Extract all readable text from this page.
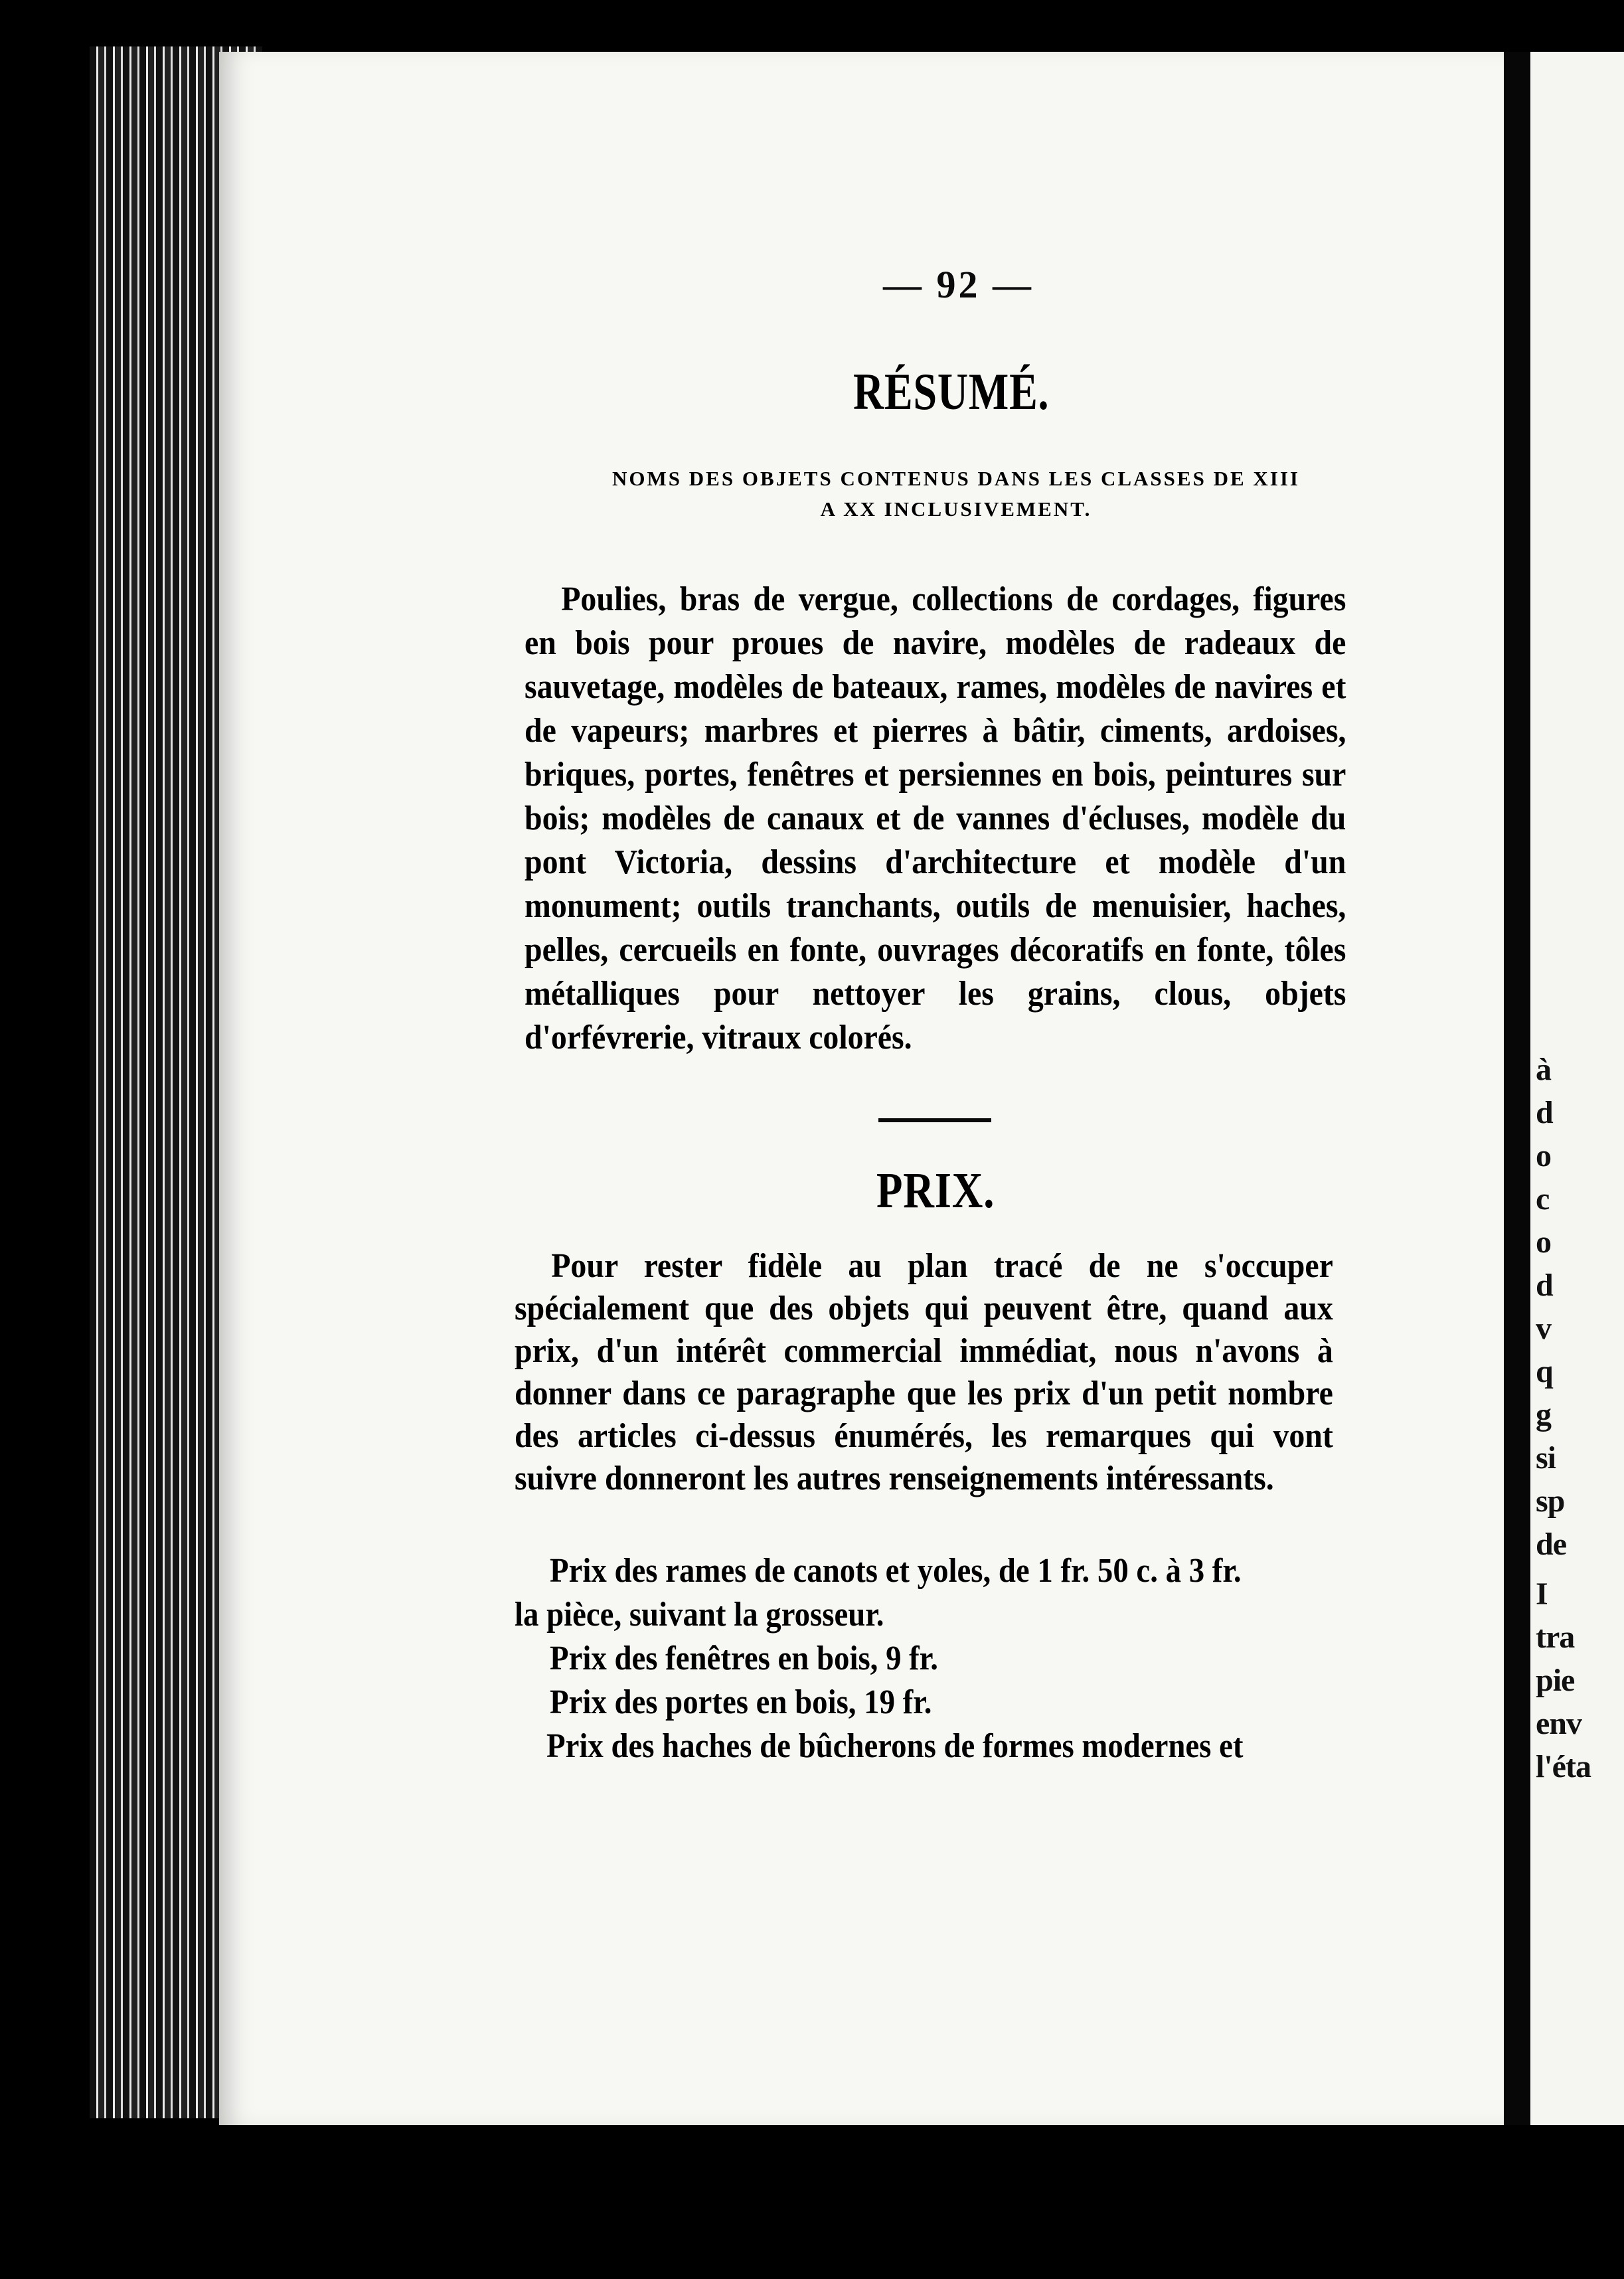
à
d
o
c
o
d
v
q
g
si
sp
de
I
tra
pie
env
l'éta
— 92 —
RÉSUMÉ.
NOMS DES OBJETS CONTENUS DANS LES CLASSES DE XIII
A XX INCLUSIVEMENT.
Poulies, bras de vergue, collections de cordages, figures en bois pour proues de navire, modèles de radeaux de sauvetage, modèles de bateaux, rames, modèles de navires et de vapeurs; marbres et pierres à bâtir, ciments, ardoises, briques, portes, fenêtres et persiennes en bois, peintures sur bois; modèles de canaux et de vannes d'écluses, modèle du pont Victoria, dessins d'architecture et modèle d'un monument; outils tranchants, outils de menuisier, haches, pelles, cercueils en fonte, ouvrages décoratifs en fonte, tôles métalliques pour nettoyer les grains, clous, objets d'orfévrerie, vitraux colorés.
PRIX.
Pour rester fidèle au plan tracé de ne s'occuper spécialement que des objets qui peuvent être, quand aux prix, d'un intérêt commercial immédiat, nous n'avons à donner dans ce paragraphe que les prix d'un petit nombre des articles ci-dessus énumérés, les remarques qui vont suivre donneront les autres renseignements intéressants.
Prix des rames de canots et yoles, de 1 fr. 50 c. à 3 fr.
la pièce, suivant la grosseur.
Prix des fenêtres en bois, 9 fr.
Prix des portes en bois, 19 fr.
Prix des haches de bûcherons de formes modernes et
